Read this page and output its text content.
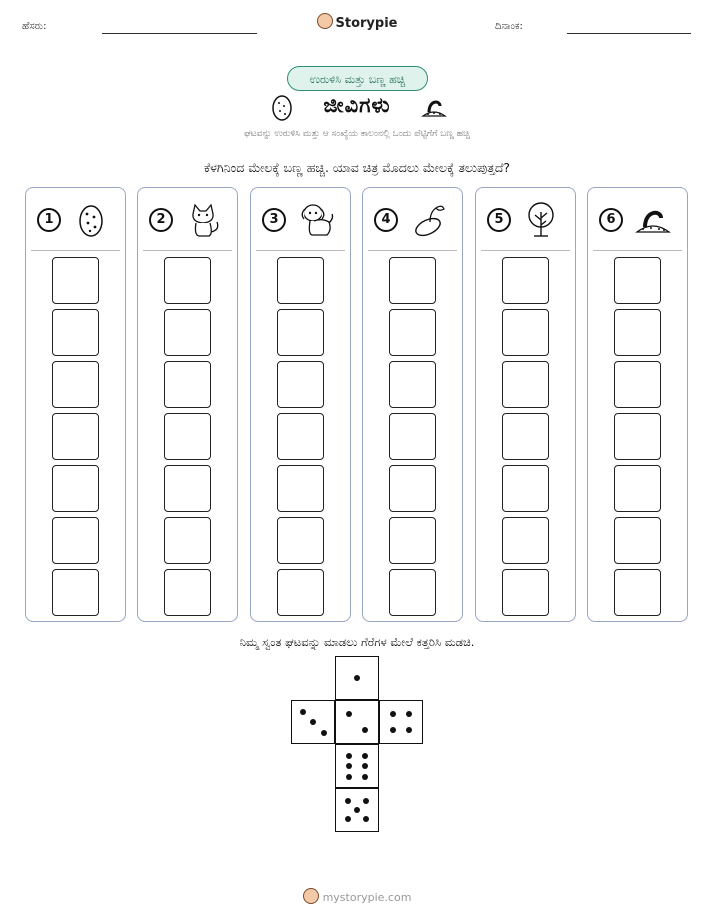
ಹೆಸರು:	Storypie	ದಿನಾಂಕ:
ಉರುಳಿಸಿ ಮತ್ತು ಬಣ್ಣ ಹಚ್ಚಿ
ಜೀವಿಗಳು
ಘಟವನ್ನು ಉರುಳಿಸಿ ಮತ್ತು ಆ ಸಂಖ್ಯೆಯ ಕಾಲಂನಲ್ಲಿ ಒಂದು ಪೆಟ್ಟಿಗೆಗೆ ಬಣ್ಣ ಹಚ್ಚಿ
ಕೆಳಗಿನಿಂದ ಮೇಲಕ್ಕೆ ಬಣ್ಣ ಹಚ್ಚಿ. ಯಾವ ಚಿತ್ರ ಮೊದಲು ಮೇಲಕ್ಕೆ ತಲುಪುತ್ತದೆ?
1	2	3	4	5	6
ನಿಮ್ಮ ಸ್ವಂತ ಘಟವನ್ನು ಮಾಡಲು ಗೆರೆಗಳ ಮೇಲೆ ಕತ್ತರಿಸಿ ಮಡಚಿ.
mystorypie.com
